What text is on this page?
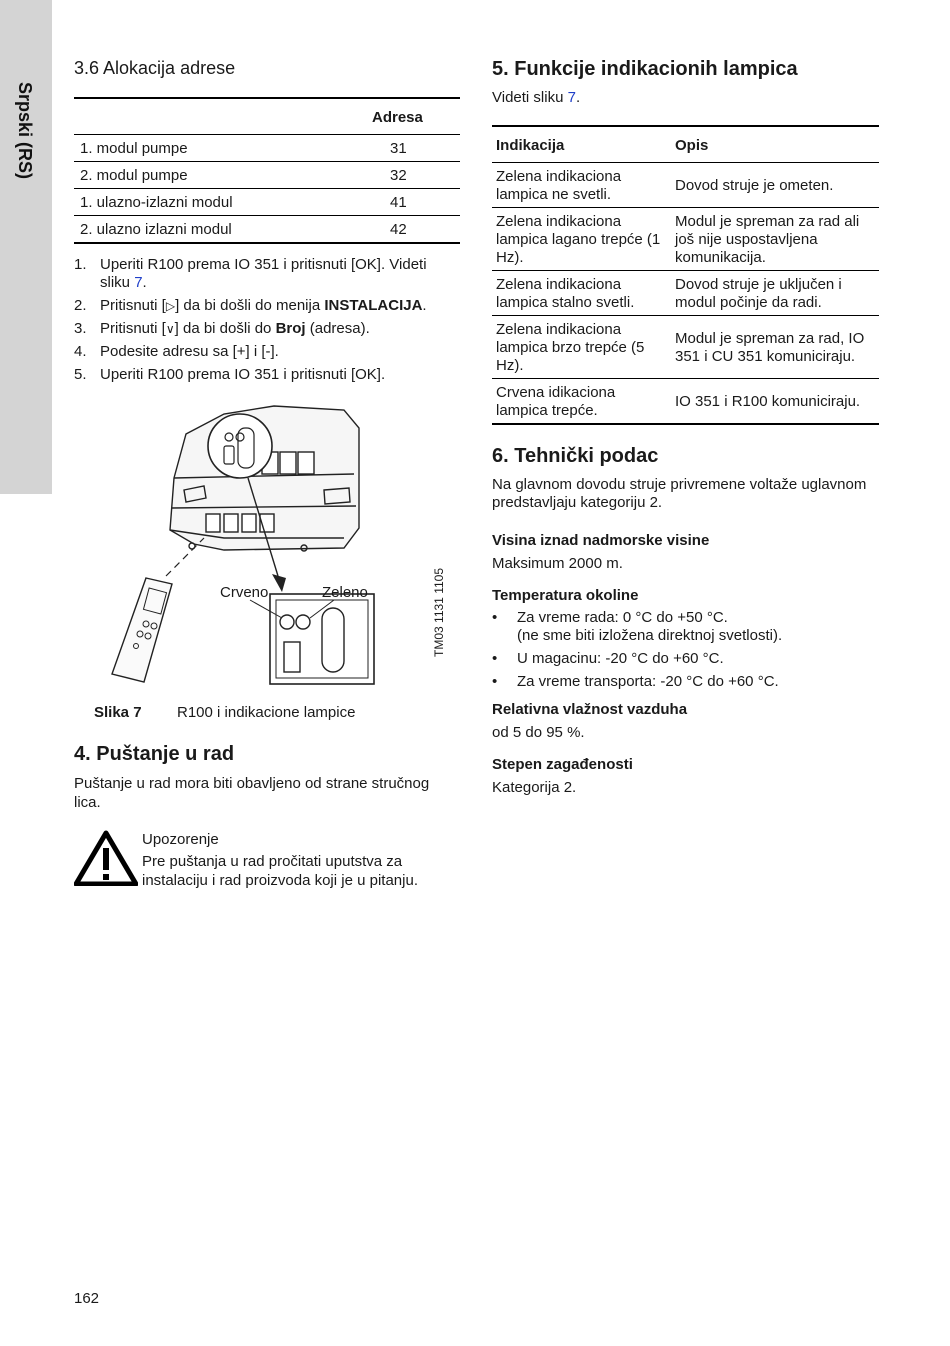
Srpski (RS)
3.6 Alokacija adrese
	Adresa
1. modul pumpe	31
2. modul pumpe	32
1. ulazno-izlazni modul	41
2. ulazno izlazni modul	42
1. Uperiti R100 prema IO 351 i pritisnuti [OK]. Videti sliku 7.
2. Pritisnuti [▷] da bi došli do menija INSTALACIJA.
3. Pritisnuti [∨] da bi došli do Broj (adresa).
4. Podesite adresu sa [+] i [-].
5. Uperiti R100 prema IO 351 i pritisnuti [OK].
Crveno	Zeleno	TM03 1131 1105
Slika 7	R100 i indikacione lampice
4. Puštanje u rad

Puštanje u rad mora biti obavljeno od strane stručnog lica.

Upozorenje
Pre puštanja u rad pročitati uputstva za instalaciju i rad proizvoda koji je u pitanju.
5. Funkcije indikacionih lampica

Videti sliku 7.

Indikacija	Opis
Zelena indikaciona lampica ne svetli.	Dovod struje je ometen.
Zelena indikaciona lampica lagano trepće (1 Hz).	Modul je spreman za rad ali još nije uspostavljena komunikacija.
Zelena indikaciona lampica stalno svetli.	Dovod struje je uključen i modul počinje da radi.
Zelena indikaciona lampica brzo trepće (5 Hz).	Modul je spreman za rad, IO 351 i CU 351 komuniciraju.
Crvena idikaciona lampica trepće.	IO 351 i R100 komuniciraju.
6. Tehnički podac

Na glavnom dovodu struje privremene voltaže uglavnom predstavljaju kategoriju 2.

Visina iznad nadmorske visine

Maksimum 2000 m.

Temperatura okoline

• Za vreme rada: 0 °C do +50 °C.
(ne sme biti izložena direktnoj svetlosti).
• U magacinu: -20 °C do +60 °C.
• Za vreme transporta: -20 °C do +60 °C.

Relativna vlažnost vazduha

od 5 do 95 %.

Stepen zagađenosti

Kategorija 2.

162
